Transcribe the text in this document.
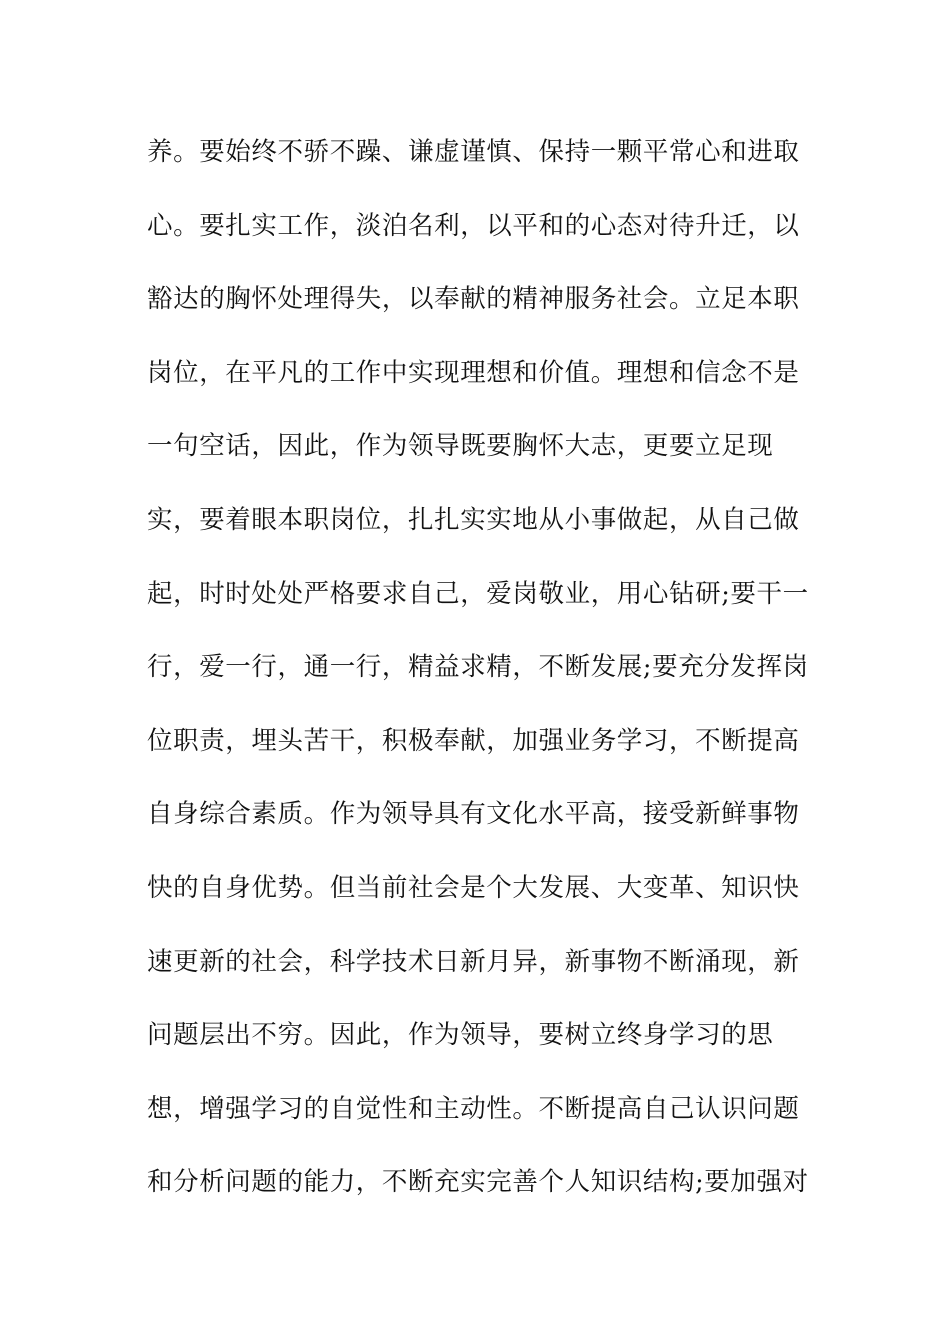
养。要始终不骄不躁、谦虚谨慎、保持一颗平常心和进取
心。要扎实工作，淡泊名利，以平和的心态对待升迁，以
豁达的胸怀处理得失，以奉献的精神服务社会。立足本职
岗位，在平凡的工作中实现理想和价值。理想和信念不是
一句空话，因此，作为领导既要胸怀大志，更要立足现
实，要着眼本职岗位，扎扎实实地从小事做起，从自己做
起，时时处处严格要求自己，爱岗敬业，用心钻研;要干一
行，爱一行，通一行，精益求精，不断发展;要充分发挥岗
位职责，埋头苦干，积极奉献，加强业务学习，不断提高
自身综合素质。作为领导具有文化水平高，接受新鲜事物
快的自身优势。但当前社会是个大发展、大变革、知识快
速更新的社会，科学技术日新月异，新事物不断涌现，新
问题层出不穷。因此，作为领导，要树立终身学习的思
想，增强学习的自觉性和主动性。不断提高自己认识问题
和分析问题的能力，不断充实完善个人知识结构;要加强对
